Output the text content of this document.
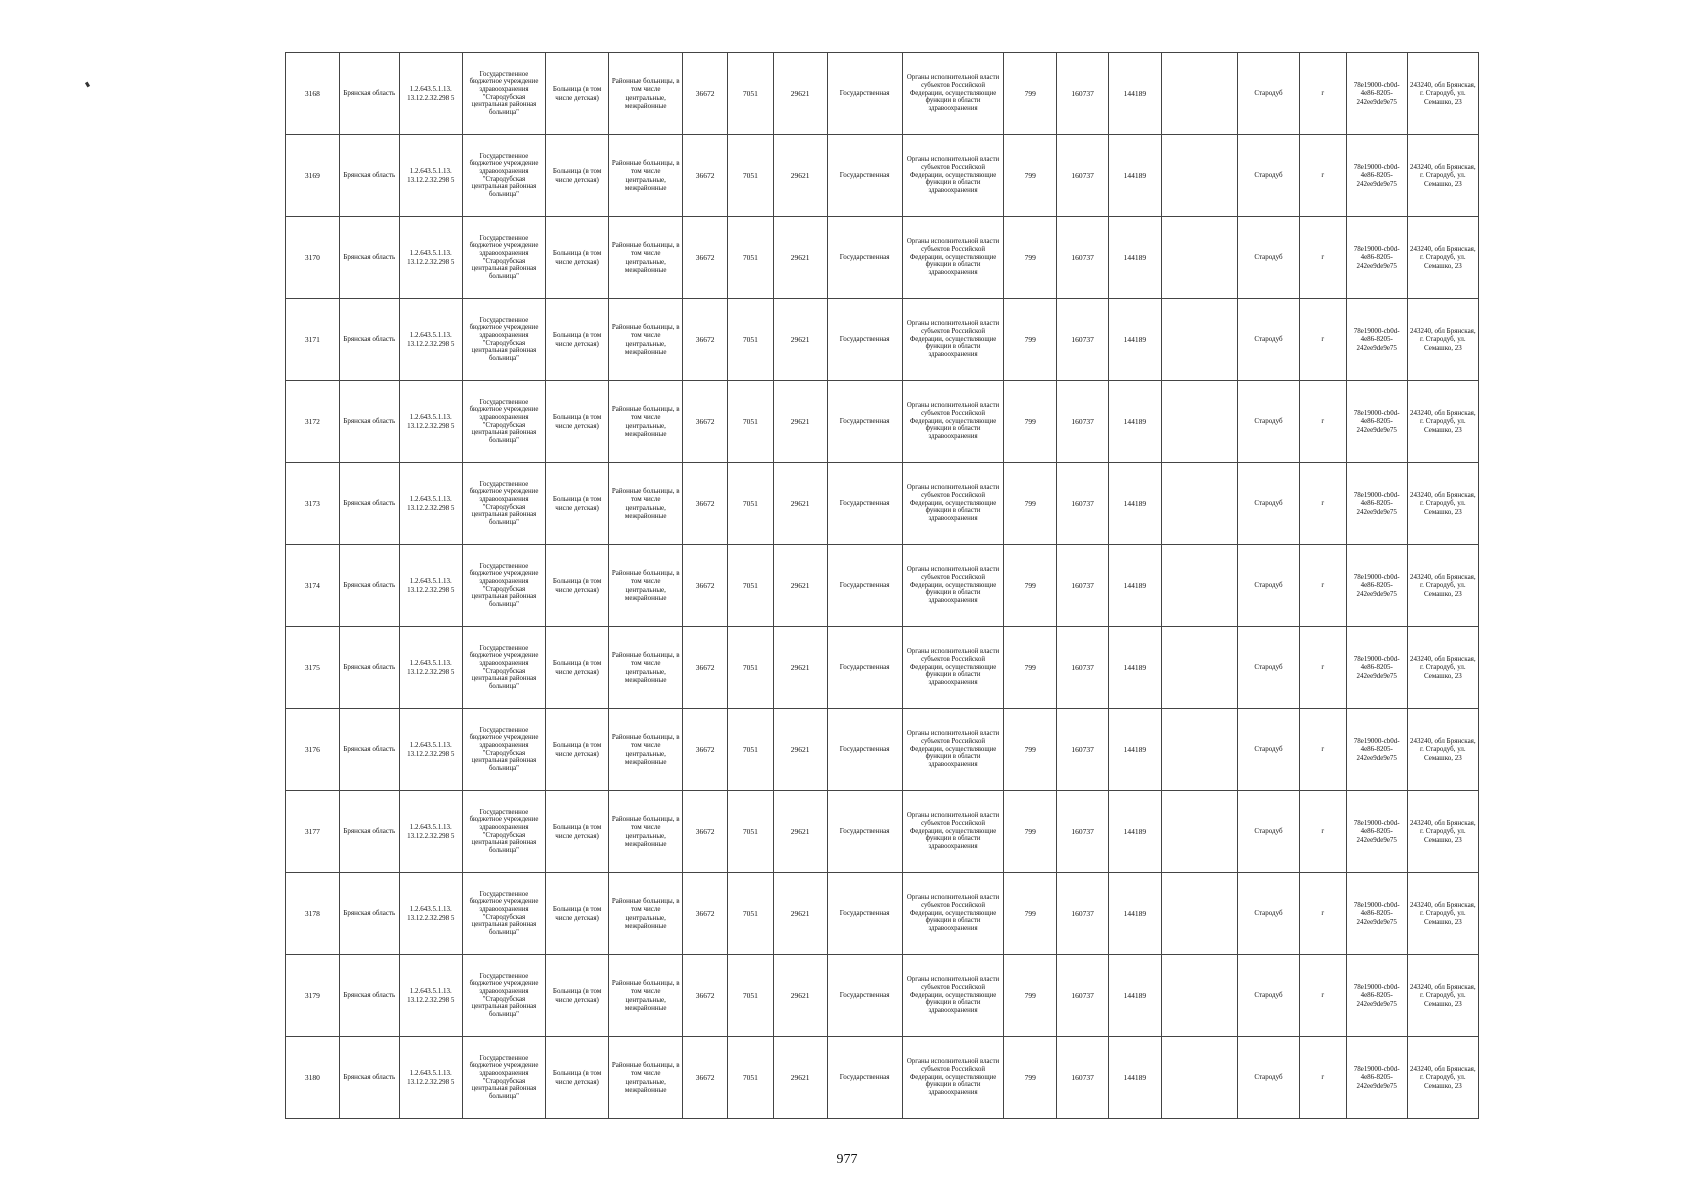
3168	Брянская область	1.2.643.5.1.13. 13.12.2.32.298 5	Государственное бюджетное учреждение здравоохранения "Стародубская центральная районная больница"	Больница (в том числе детская)	Районные больницы, в том числе центральные, межрайонные	36672	7051	29621	Государственная	Органы исполнительной власти субъектов Российской Федерации, осуществляющие функции в области здравоохранения	799	160737	144189		Стародуб	г	78e19000-cb0d-4e86-8205-242ee9de9e75	243240, обл Брянская, г. Стародуб, ул. Семашко, 23
3169	Брянская область	1.2.643.5.1.13. 13.12.2.32.298 5	Государственное бюджетное учреждение здравоохранения "Стародубская центральная районная больница"	Больница (в том числе детская)	Районные больницы, в том числе центральные, межрайонные	36672	7051	29621	Государственная	Органы исполнительной власти субъектов Российской Федерации, осуществляющие функции в области здравоохранения	799	160737	144189		Стародуб	г	78e19000-cb0d-4e86-8205-242ee9de9e75	243240, обл Брянская, г. Стародуб, ул. Семашко, 23
3170	Брянская область	1.2.643.5.1.13. 13.12.2.32.298 5	Государственное бюджетное учреждение здравоохранения "Стародубская центральная районная больница"	Больница (в том числе детская)	Районные больницы, в том числе центральные, межрайонные	36672	7051	29621	Государственная	Органы исполнительной власти субъектов Российской Федерации, осуществляющие функции в области здравоохранения	799	160737	144189		Стародуб	г	78e19000-cb0d-4e86-8205-242ee9de9e75	243240, обл Брянская, г. Стародуб, ул. Семашко, 23
3171	Брянская область	1.2.643.5.1.13. 13.12.2.32.298 5	Государственное бюджетное учреждение здравоохранения "Стародубская центральная районная больница"	Больница (в том числе детская)	Районные больницы, в том числе центральные, межрайонные	36672	7051	29621	Государственная	Органы исполнительной власти субъектов Российской Федерации, осуществляющие функции в области здравоохранения	799	160737	144189		Стародуб	г	78e19000-cb0d-4e86-8205-242ee9de9e75	243240, обл Брянская, г. Стародуб, ул. Семашко, 23
3172	Брянская область	1.2.643.5.1.13. 13.12.2.32.298 5	Государственное бюджетное учреждение здравоохранения "Стародубская центральная районная больница"	Больница (в том числе детская)	Районные больницы, в том числе центральные, межрайонные	36672	7051	29621	Государственная	Органы исполнительной власти субъектов Российской Федерации, осуществляющие функции в области здравоохранения	799	160737	144189		Стародуб	г	78e19000-cb0d-4e86-8205-242ee9de9e75	243240, обл Брянская, г. Стародуб, ул. Семашко, 23
3173	Брянская область	1.2.643.5.1.13. 13.12.2.32.298 5	Государственное бюджетное учреждение здравоохранения "Стародубская центральная районная больница"	Больница (в том числе детская)	Районные больницы, в том числе центральные, межрайонные	36672	7051	29621	Государственная	Органы исполнительной власти субъектов Российской Федерации, осуществляющие функции в области здравоохранения	799	160737	144189		Стародуб	г	78e19000-cb0d-4e86-8205-242ee9de9e75	243240, обл Брянская, г. Стародуб, ул. Семашко, 23
3174	Брянская область	1.2.643.5.1.13. 13.12.2.32.298 5	Государственное бюджетное учреждение здравоохранения "Стародубская центральная районная больница"	Больница (в том числе детская)	Районные больницы, в том числе центральные, межрайонные	36672	7051	29621	Государственная	Органы исполнительной власти субъектов Российской Федерации, осуществляющие функции в области здравоохранения	799	160737	144189		Стародуб	г	78e19000-cb0d-4e86-8205-242ee9de9e75	243240, обл Брянская, г. Стародуб, ул. Семашко, 23
3175	Брянская область	1.2.643.5.1.13. 13.12.2.32.298 5	Государственное бюджетное учреждение здравоохранения "Стародубская центральная районная больница"	Больница (в том числе детская)	Районные больницы, в том числе центральные, межрайонные	36672	7051	29621	Государственная	Органы исполнительной власти субъектов Российской Федерации, осуществляющие функции в области здравоохранения	799	160737	144189		Стародуб	г	78e19000-cb0d-4e86-8205-242ee9de9e75	243240, обл Брянская, г. Стародуб, ул. Семашко, 23
3176	Брянская область	1.2.643.5.1.13. 13.12.2.32.298 5	Государственное бюджетное учреждение здравоохранения "Стародубская центральная районная больница"	Больница (в том числе детская)	Районные больницы, в том числе центральные, межрайонные	36672	7051	29621	Государственная	Органы исполнительной власти субъектов Российской Федерации, осуществляющие функции в области здравоохранения	799	160737	144189		Стародуб	г	78e19000-cb0d-4e86-8205-242ee9de9e75	243240, обл Брянская, г. Стародуб, ул. Семашко, 23
3177	Брянская область	1.2.643.5.1.13. 13.12.2.32.298 5	Государственное бюджетное учреждение здравоохранения "Стародубская центральная районная больница"	Больница (в том числе детская)	Районные больницы, в том числе центральные, межрайонные	36672	7051	29621	Государственная	Органы исполнительной власти субъектов Российской Федерации, осуществляющие функции в области здравоохранения	799	160737	144189		Стародуб	г	78e19000-cb0d-4e86-8205-242ee9de9e75	243240, обл Брянская, г. Стародуб, ул. Семашко, 23
3178	Брянская область	1.2.643.5.1.13. 13.12.2.32.298 5	Государственное бюджетное учреждение здравоохранения "Стародубская центральная районная больница"	Больница (в том числе детская)	Районные больницы, в том числе центральные, межрайонные	36672	7051	29621	Государственная	Органы исполнительной власти субъектов Российской Федерации, осуществляющие функции в области здравоохранения	799	160737	144189		Стародуб	г	78e19000-cb0d-4e86-8205-242ee9de9e75	243240, обл Брянская, г. Стародуб, ул. Семашко, 23
3179	Брянская область	1.2.643.5.1.13. 13.12.2.32.298 5	Государственное бюджетное учреждение здравоохранения "Стародубская центральная районная больница"	Больница (в том числе детская)	Районные больницы, в том числе центральные, межрайонные	36672	7051	29621	Государственная	Органы исполнительной власти субъектов Российской Федерации, осуществляющие функции в области здравоохранения	799	160737	144189		Стародуб	г	78e19000-cb0d-4e86-8205-242ee9de9e75	243240, обл Брянская, г. Стародуб, ул. Семашко, 23
3180	Брянская область	1.2.643.5.1.13. 13.12.2.32.298 5	Государственное бюджетное учреждение здравоохранения "Стародубская центральная районная больница"	Больница (в том числе детская)	Районные больницы, в том числе центральные, межрайонные	36672	7051	29621	Государственная	Органы исполнительной власти субъектов Российской Федерации, осуществляющие функции в области здравоохранения	799	160737	144189		Стародуб	г	78e19000-cb0d-4e86-8205-242ee9de9e75	243240, обл Брянская, г. Стародуб, ул. Семашко, 23
977
